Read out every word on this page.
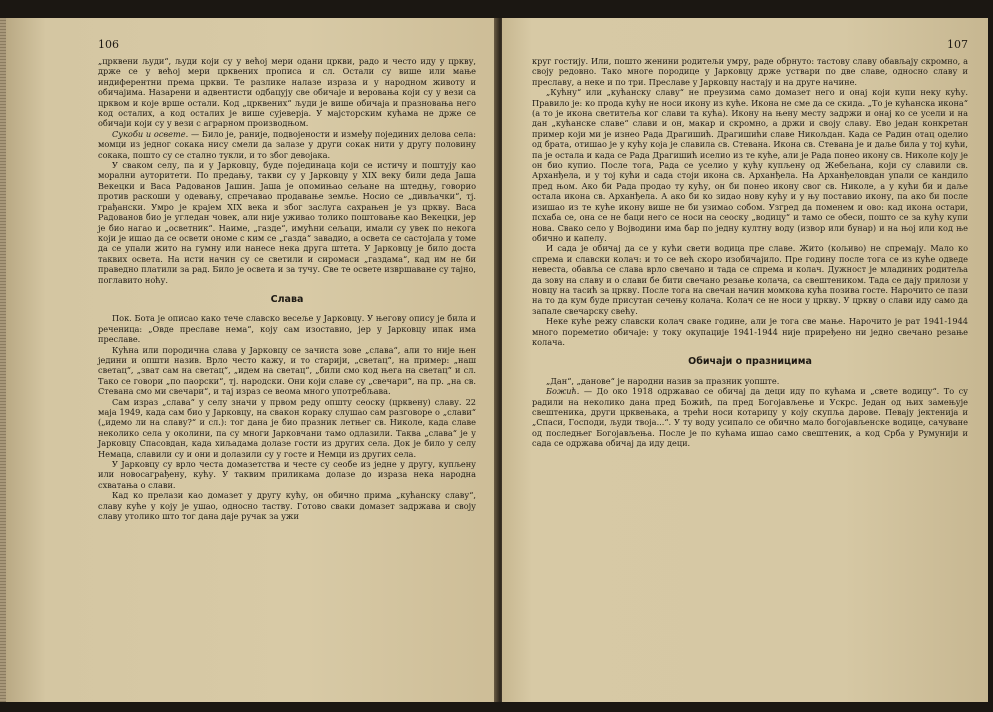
106

„црквени људи“, људи који су у већој мери одани цркви, радо и често иду у цркву, држе се у већој мери црквених прописа и сл. Остали су више или мање индиферентни према цркви. Те разлике налазе израза и у народном животу и обичајима. Назарени и адвентисти одбацују све обичаје и веровања који су у вези са црквом и које врше остали. Код „црквених“ људи је више обичаја и празновања него код осталих, а код осталих је више сујеверја. У мајсторским кућама не држе се обичаји који су у вези с аграрном производњом.

Сукоби и освете. — Било је, раније, подвојености и између појединих делова села: момци из једног сокака нису смели да залазе у други сокак нити у другу половину сокака, пошто су се стално тукли, и то због девојака.

У сваком селу, па и у Јарковцу, буде појединаца који се истичу и поштују као морални ауторитети. По предању, такви су у Јарковцу у XIX веку били деда Јаша Векецки и Васа Радованов Јашин. Јаша је опомињао сељане на штедњу, говорио против раскоши у одевању, спречавао продавање земље. Носио се „дивљачки“, тј. грађански. Умро је крајем XIX века и због заслуга сахрањен је уз цркву. Васа Радованов био је угледан човек, али није уживао толико поштовање као Векецки, јер је био нагао и „осветник“. Наиме, „газде“, имућни сељаци, имали су увек по некога који је ишао да се освети ономе с ким се „газда“ завадио, а освета се састојала у томе да се упали жито на гумну или нанесе нека друга штета. У Јарковцу је било доста таквих освета. На исти начин су се светили и сиромаси „газдама“, кад им не би праведно платили за рад. Било је освета и за тучу. Све те освете извршаване су тајно, поглавито ноћу.

Слава

Пок. Бота је описао како тече славско весеље у Јарковцу. У његову опису је била и реченица: „Овде преславе нема“, коју сам изоставио, јер у Јарковцу ипак има преславе.

Кућна или породична слава у Јарковцу се зачиста зове „слава“, али то није њен једини и општи назив. Врло често кажу, и то старији, „светац“, на пример: „наш светац“, „зват сам на светац“, „идем на светац“, „били смо код њега на светац“ и сл. Тако се говори „по паорски“, тј. народски. Они који славе су „свечари“, на пр. „на св. Стевана смо ми свечари“, и тај израз се веома много употребљава.

Сам израз „слава“ у селу значи у првом реду општу сеоску (црквену) славу. 22 маја 1949, када сам био у Јарковцу, на свакон кораку слушао сам разговоре о „слави“ („идемо ли на славу?“ и сл.): тог дана је био празник летњег св. Николе, када славе неколико села у околини, па су многи Јарковчани тамо одлазили. Таква „слава“ је у Јарковцу Спасовдан, када хиљадама долазе гости из других села. Док је било у селу Немаца, славили су и они и долазили су у госте и Немци из других села.

У Јарковцу су врло честа домазетства и честе су сеобе из једне у другу, купљену или новосаграђену, кућу. У таквим приликама долазе до израза нека народна схватања о слави.

Кад ко прелази као домазет у другу кућу, он обично прима „кућанску славу“, славу куће у коју је ушао, односно таству. Готово сваки домазет задржава и своју славу утолико што тог дана даје ручак за ужи

107

круг гостију. Или, пошто женини родитељи умру, раде обрнуто: тастову славу обављају скромно, а своју редовно. Тако многе породице у Јарковцу држе уствари по две славе, односно славу и преславу, а неке и по три. Преславе у Јарковцу настају и на друге начине.

„Кућну“ или „кућанску славу“ не преузима само домазет него и онај који купи неку кућу. Правило је: ко прода кућу не носи икону из куће. Икона не сме да се скида. „То је кућанска икона“ (а то је икона светитеља ког слави та кућа). Икону на њену месту задржи и онај ко се усели и на дан „кућанске славе“ слави и он, макар и скромно, а држи и своју славу. Ево један конкретан пример који ми је изнео Рада Драгишић. Драгишићи славе Никољдан. Када се Радин отац оделио од брата, отишао је у кућу која је славила св. Стевана. Икона св. Стевана је и даље била у тој кући, па је остала и када се Рада Драгишић иселио из те куће, али је Рада понео икону св. Николе коју је он био купио. После тога, Рада се уселио у кућу купљену од Жебељана, који су славили св. Арханђела, и у тој кући и сада стоји икона св. Арханђела. На Арханђеловдан упали се кандило пред њом. Ако би Рада продао ту кућу, он би понео икону свог св. Николе, а у кући би и даље остала икона св. Арханђела. А ако би ко зидао нову кућу и у њу поставио икону, па ако би после изишао из те куће икону више не би узимао собом. Узгред да поменем и ово: кад икона остари, псхаба се, она се не баци него се носи на сеоску „водицу“ и тамо се обеси, пошто се за кућу купи нова. Свако село у Војводини има бар по једну култну воду (извор или бунар) и на њој или код ње обично и капелу.

И сада је обичај да се у кући свети водица пре славе. Жито (кољиво) не спремају. Мало ко спрема и славски колач: и то се већ скоро изобичајило. Пре годину после тога се из куће одведе невеста, обавља се слава врло свечано и тада се спрема и колач. Дужност је младиних родитеља да зову на славу и о слави бе бити свечано резање колача, са свештеником. Тада се дају прилози у новцу на тасић за цркву. После тога на свечан начин момкова кућа позива госте. Нарочито се пази на то да кум буде присутан сечењу колача. Колач се не носи у цркву. У цркву о слави иду само да запале свечарску свећу.

Неке куће режу славски колач сваке године, али је тога све мање. Нарочито је рат 1941-1944 много пореметио обичаје: у току окупације 1941-1944 није приређено ни једно свечано резање колача.

Обичаји о празницима

„Дан“, „данове“ је народни назив за празник уопште.

Божић. — До око 1918 одржавао се обичај да деци иду по кућама и „свете водицу“. То су радили на неколико дана пред Божић, па пред Богојављење и Ускрс. Један од њих замењује свештеника, други црквењака, а трећи носи котарицу у коју скупља дарове. Певају јектенија и „Спаси, Господи, људи твоја...“. У ту воду усипало се обично мало богојављенске водице, сачуване од последњег Богојављења. После је по кућама ишао само свештеник, а код Срба у Румунији и сада се одржава обичај да иду деци.
